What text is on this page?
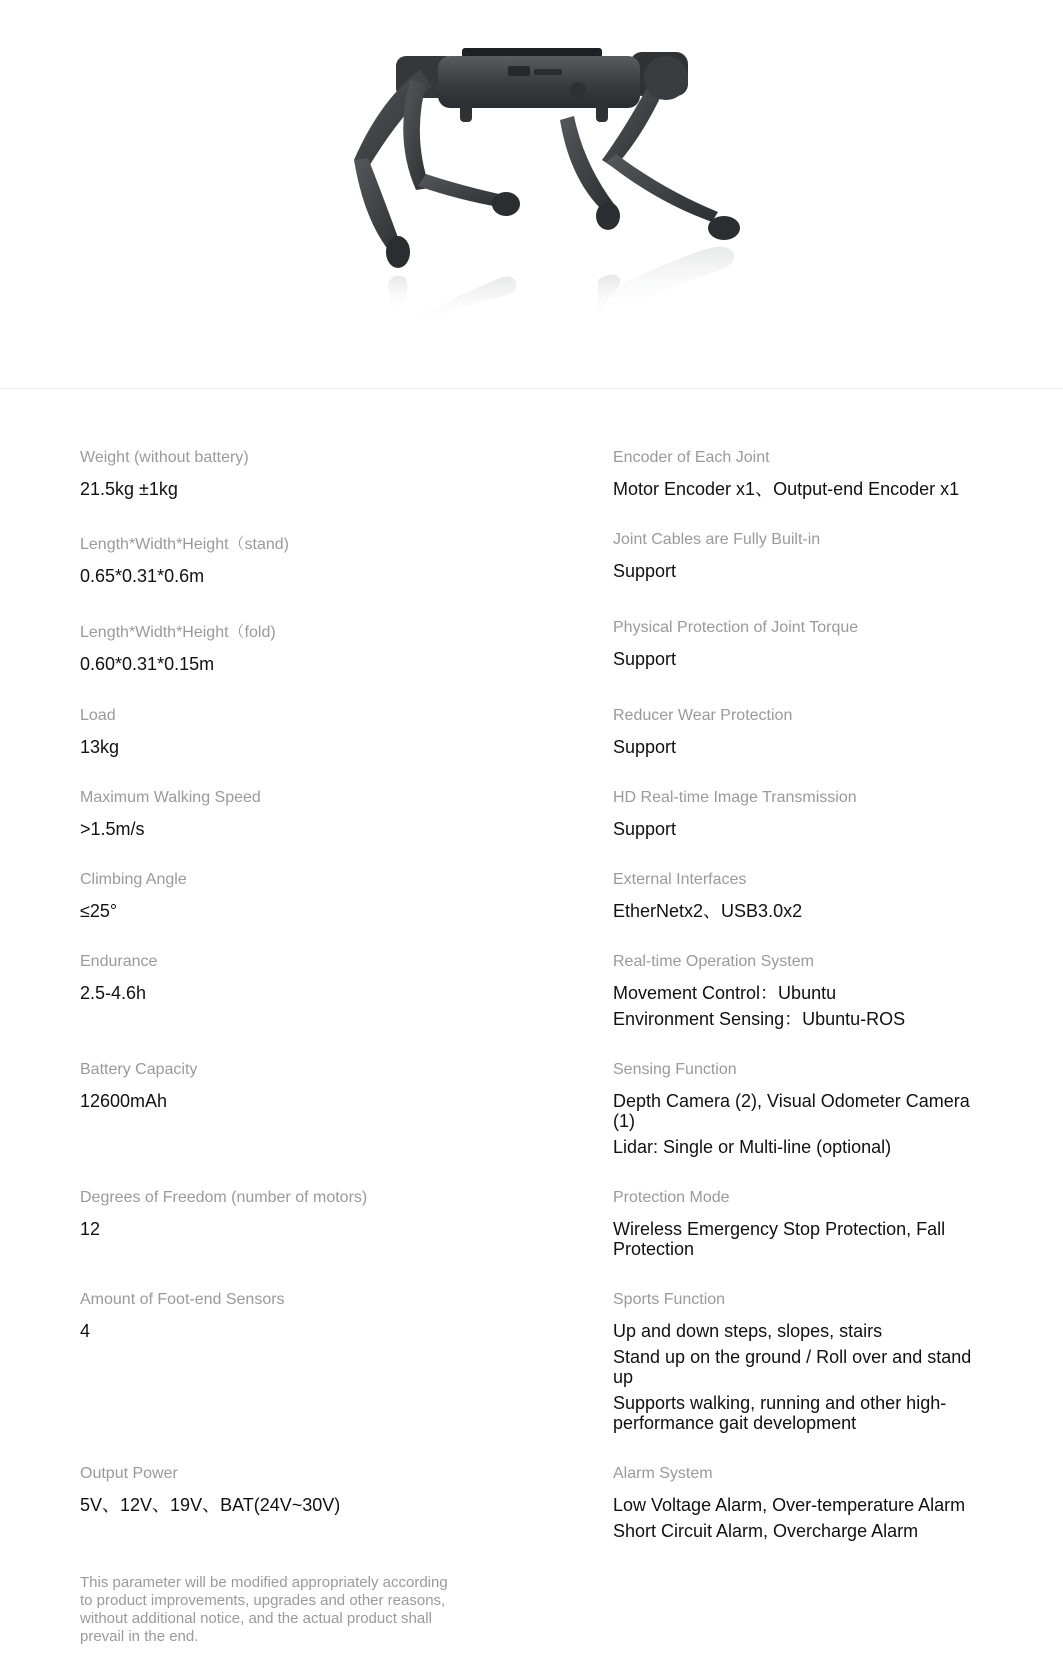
Weight (without battery)
21.5kg ±1kg
Length*Width*Height（stand)
0.65*0.31*0.6m
Length*Width*Height（fold)
0.60*0.31*0.15m
Load
13kg
Maximum Walking Speed
>1.5m/s
Climbing Angle
≤25°
Endurance
2.5-4.6h
Battery Capacity
12600mAh
Degrees of Freedom (number of motors)
12
Amount of Foot-end Sensors
4
Output Power
5V、12V、19V、BAT(24V~30V)
Encoder of Each Joint
Motor Encoder x1、Output-end Encoder x1
Joint Cables are Fully Built-in
Support
Physical Protection of Joint Torque
Support
Reducer Wear Protection
Support
HD Real-time Image Transmission
Support
External Interfaces
EtherNetx2、USB3.0x2
Real-time Operation System
Movement Control：Ubuntu
Environment Sensing：Ubuntu-ROS
Sensing Function
Depth Camera (2), Visual Odometer Camera (1)
Lidar: Single or Multi-line (optional)
Protection Mode
Wireless Emergency Stop Protection, Fall Protection
Sports Function
Up and down steps, slopes, stairs
Stand up on the ground / Roll over and stand up
Supports walking, running and other high-performance gait development
Alarm System
Low Voltage Alarm, Over-temperature Alarm
Short Circuit Alarm, Overcharge Alarm
This parameter will be modified appropriately according to product improvements, upgrades and other reasons, without additional notice, and the actual product shall prevail in the end.
